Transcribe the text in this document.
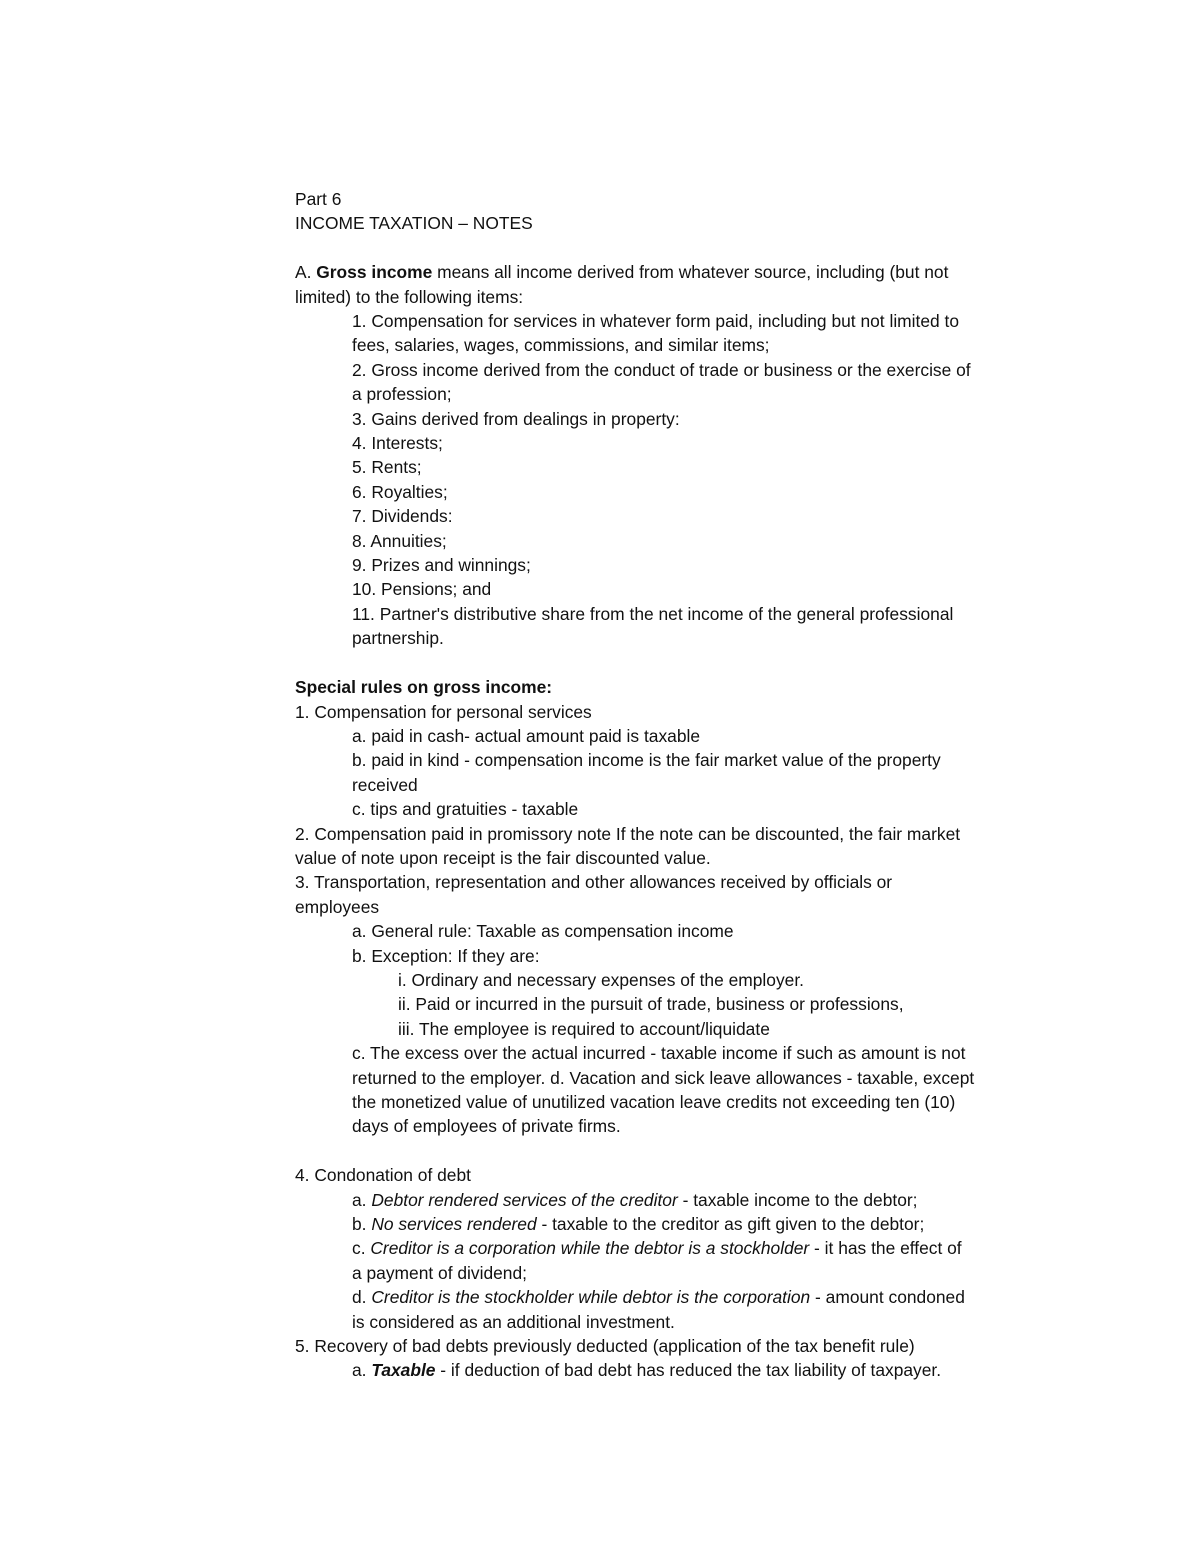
Part 6

INCOME TAXATION – NOTES

A. Gross income means all income derived from whatever source, including (but not limited) to the following items:

1. Compensation for services in whatever form paid, including but not limited to fees, salaries, wages, commissions, and similar items;

2. Gross income derived from the conduct of trade or business or the exercise of a profession;

3. Gains derived from dealings in property:

4. Interests;

5. Rents;

6. Royalties;

7. Dividends:

8. Annuities;

9. Prizes and winnings;

10. Pensions; and

11. Partner's distributive share from the net income of the general professional partnership.

Special rules on gross income:

1. Compensation for personal services

a. paid in cash- actual amount paid is taxable

b. paid in kind - compensation income is the fair market value of the property received

c. tips and gratuities - taxable

2. Compensation paid in promissory note If the note can be discounted, the fair market value of note upon receipt is the fair discounted value.

3. Transportation, representation and other allowances received by officials or employees

a. General rule: Taxable as compensation income

b. Exception: If they are:

i. Ordinary and necessary expenses of the employer.

ii. Paid or incurred in the pursuit of trade, business or professions,

iii. The employee is required to account/liquidate

c. The excess over the actual incurred - taxable income if such as amount is not returned to the employer. d. Vacation and sick leave allowances - taxable, except the monetized value of unutilized vacation leave credits not exceeding ten (10) days of employees of private firms.

4. Condonation of debt

a. Debtor rendered services of the creditor - taxable income to the debtor;

b. No services rendered - taxable to the creditor as gift given to the debtor;

c. Creditor is a corporation while the debtor is a stockholder - it has the effect of a payment of dividend;

d. Creditor is the stockholder while debtor is the corporation - amount condoned is considered as an additional investment.

5. Recovery of bad debts previously deducted (application of the tax benefit rule)

a. Taxable - if deduction of bad debt has reduced the tax liability of taxpayer.
